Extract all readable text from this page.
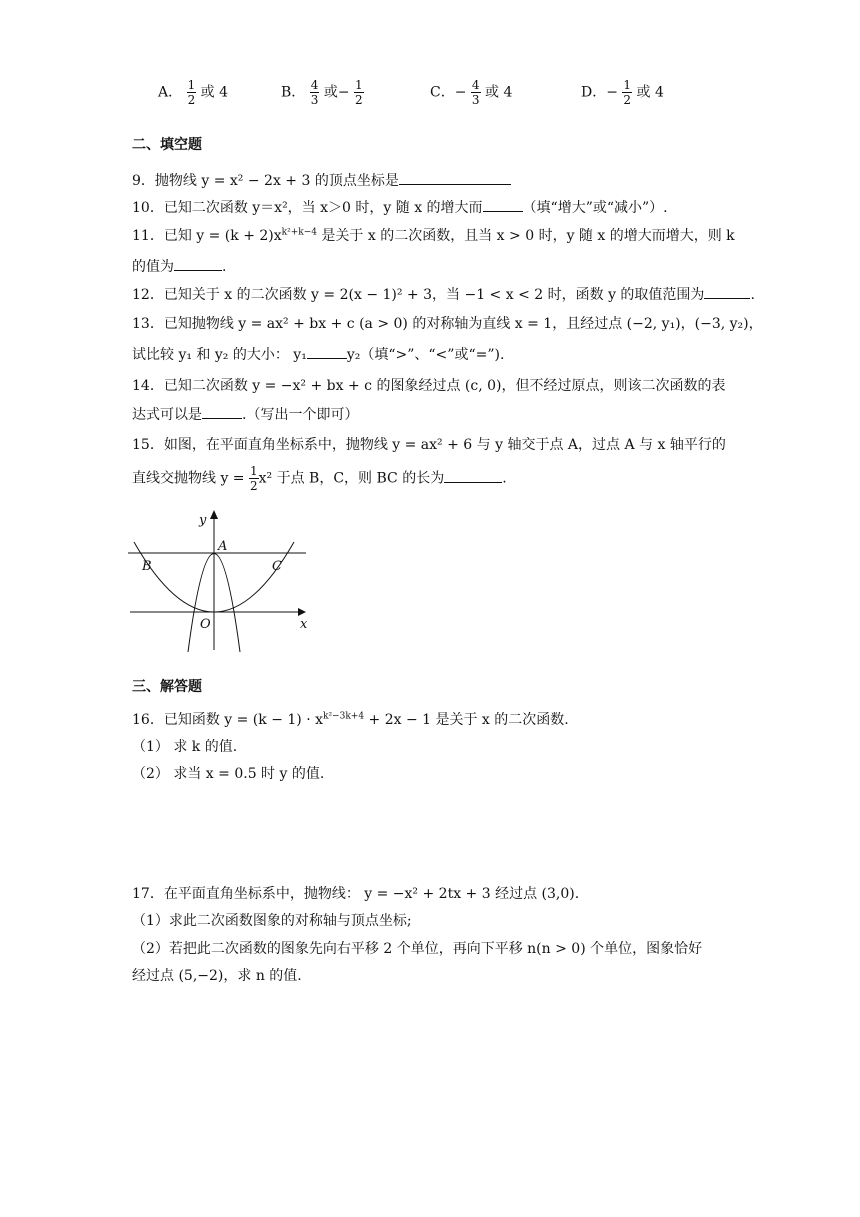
A． $\frac{1}{2}$ 或 4	B． $\frac{4}{3}$ 或− $\frac{1}{2}$	C．− $\frac{4}{3}$ 或 4	D．− $\frac{1}{2}$ 或 4
二、填空题
9．抛物线 y = x² − 2x + 3 的顶点坐标是
10．已知二次函数 y＝x²，当 x＞0 时，y 随 x 的增大而	（填“增大”或“减小”）.
11．已知 $y = (k + 2)x^{k^2+k-4}$ 是关于 x 的二次函数，且当 x > 0 时，y 随 x 的增大而增大，则 k
的值为	.
12．已知关于 x 的二次函数 y = 2(x − 1)² + 3，当 −1 < x < 2 时，函数 y 的取值范围为	.
13．已知抛物线 y = ax² + bx + c (a > 0) 的对称轴为直线 x = 1，且经过点 (−2, y₁)，(−3, y₂)，
试比较 y₁ 和 y₂ 的大小： y₁	y₂（填“>”、“<”或“=”).
14．已知二次函数 y = −x² + bx + c 的图象经过点 (c, 0)，但不经过原点，则该二次函数的表
达式可以是	.（写出一个即可）
15．如图，在平面直角坐标系中，抛物线 y = ax² + 6 与 y 轴交于点 A，过点 A 与 x 轴平行的
直线交抛物线 $y = \frac{1}{2} x^2$ 于点 B，C，则 BC 的长为	.
y
x
A
B	C
O
三、解答题
16．已知函数 $y = (k - 1) \cdot x^{k^2-3k+4} + 2x - 1$ 是关于 x 的二次函数.
（1） 求 k 的值.
（2） 求当 x = 0.5 时 y 的值.
17．在平面直角坐标系中，抛物线： y = −x² + 2tx + 3 经过点 (3,0).
（1）求此二次函数图象的对称轴与顶点坐标;
（2）若把此二次函数的图象先向右平移 2 个单位，再向下平移 n(n > 0) 个单位，图象恰好
经过点 (5,−2)，求 n 的值.
